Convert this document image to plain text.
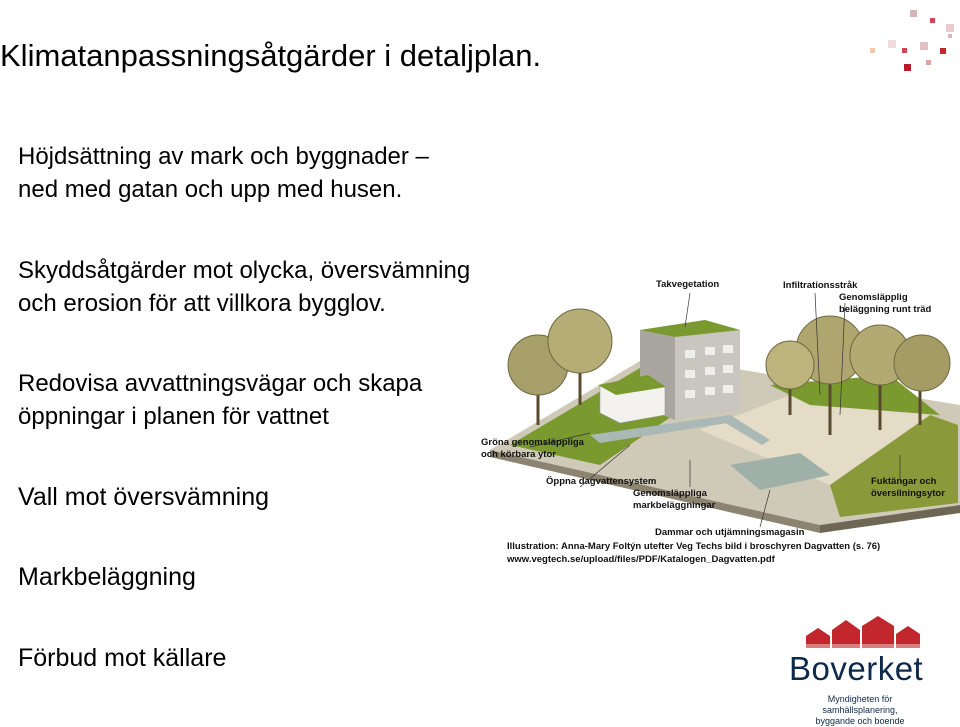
Klimatanpassningsåtgärder i detaljplan.
Höjdsättning av mark och byggnader –
ned med gatan och upp med husen.
Skyddsåtgärder mot olycka, översvämning
och erosion för att villkora bygglov.
Redovisa avvattningsvägar och skapa
öppningar i planen för vattnet
Vall mot översvämning
Markbeläggning
Förbud mot källare
Takvegetation	Infiltrationsstråk
Genomsläpplig
beläggning runt träd
Gröna genomsläppliga
och körbara ytor
Öppna dagvattensystem
Genomsläppliga
markbeläggningar
Fuktängar och
översilningsytor
Dammar och utjämningsmagasin
Illustration: Anna-Mary Foltýn utefter Veg Techs bild i broschyren Dagvatten (s. 76)
www.vegtech.se/upload/files/PDF/Katalogen_Dagvatten.pdf
Boverket
Myndigheten för samhällsplanering,
byggande och boende
